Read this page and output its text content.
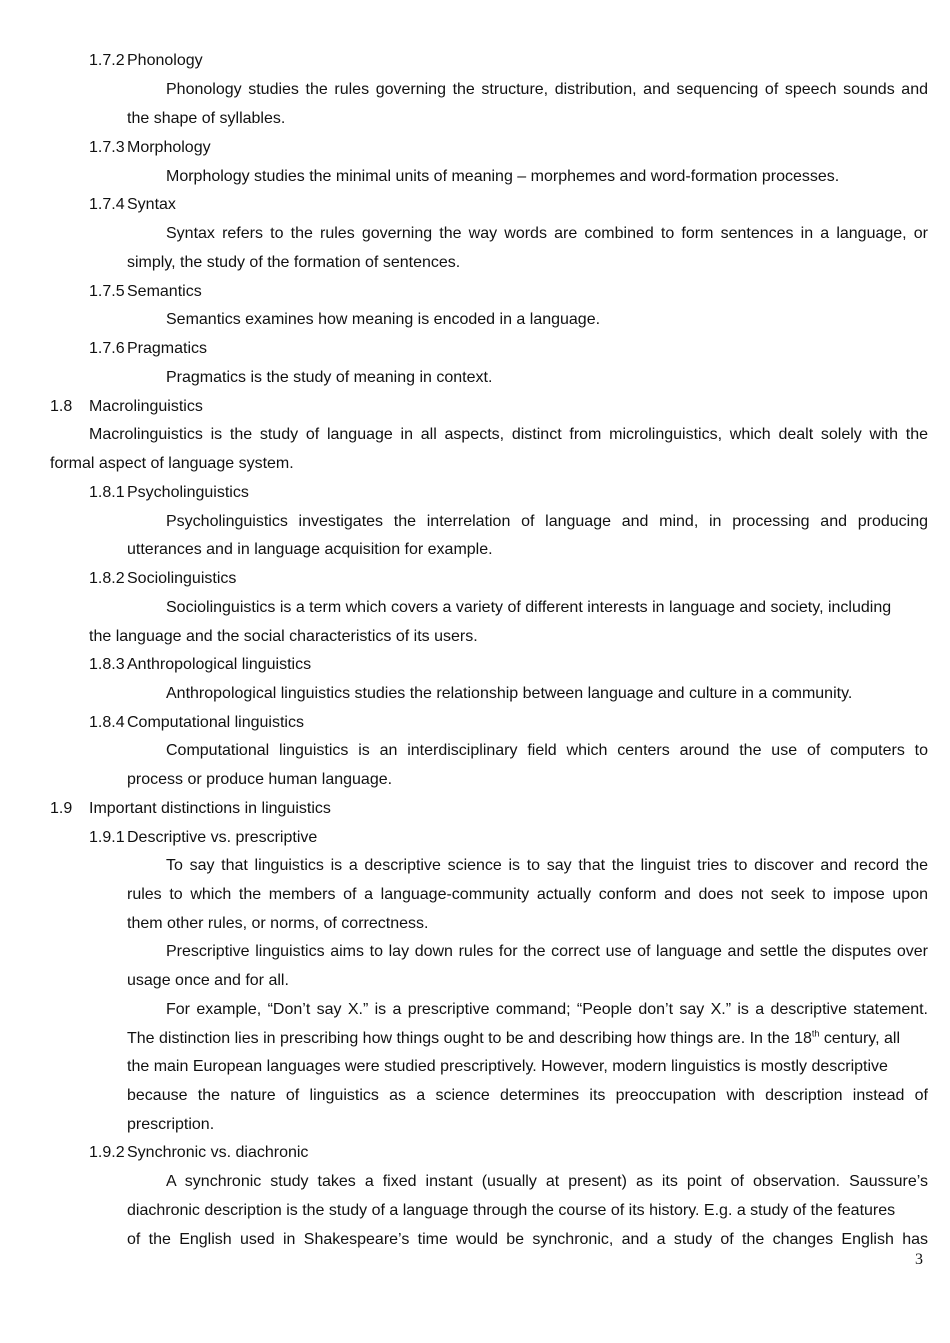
1.7.2 Phonology
Phonology studies the rules governing the structure, distribution, and sequencing of speech sounds and
the shape of syllables.
1.7.3 Morphology
Morphology studies the minimal units of meaning – morphemes and word-formation processes.
1.7.4 Syntax
Syntax refers to the rules governing the way words are combined to form sentences in a language, or
simply, the study of the formation of sentences.
1.7.5 Semantics
Semantics examines how meaning is encoded in a language.
1.7.6 Pragmatics
Pragmatics is the study of meaning in context.
1.8 Macrolinguistics
Macrolinguistics is the study of language in all aspects, distinct from microlinguistics, which dealt solely with the
formal aspect of language system.
1.8.1 Psycholinguistics
Psycholinguistics investigates the interrelation of language and mind, in processing and producing
utterances and in language acquisition for example.
1.8.2 Sociolinguistics
Sociolinguistics is a term which covers a variety of different interests in language and society, including
the language and the social characteristics of its users.
1.8.3 Anthropological linguistics
Anthropological linguistics studies the relationship between language and culture in a community.
1.8.4 Computational linguistics
Computational linguistics is an interdisciplinary field which centers around the use of computers to
process or produce human language.
1.9 Important distinctions in linguistics
1.9.1 Descriptive vs. prescriptive
To say that linguistics is a descriptive science is to say that the linguist tries to discover and record the
rules to which the members of a language-community actually conform and does not seek to impose upon
them other rules, or norms, of correctness.
Prescriptive linguistics aims to lay down rules for the correct use of language and settle the disputes over
usage once and for all.
For example, “Don’t say X.” is a prescriptive command; “People don’t say X.” is a descriptive statement.
The distinction lies in prescribing how things ought to be and describing how things are. In the 18th century, all
the main European languages were studied prescriptively. However, modern linguistics is mostly descriptive
because the nature of linguistics as a science determines its preoccupation with description instead of
prescription.
1.9.2 Synchronic vs. diachronic
A synchronic study takes a fixed instant (usually at present) as its point of observation. Saussure’s
diachronic description is the study of a language through the course of its history. E.g. a study of the features
of the English used in Shakespeare’s time would be synchronic, and a study of the changes English has
3
